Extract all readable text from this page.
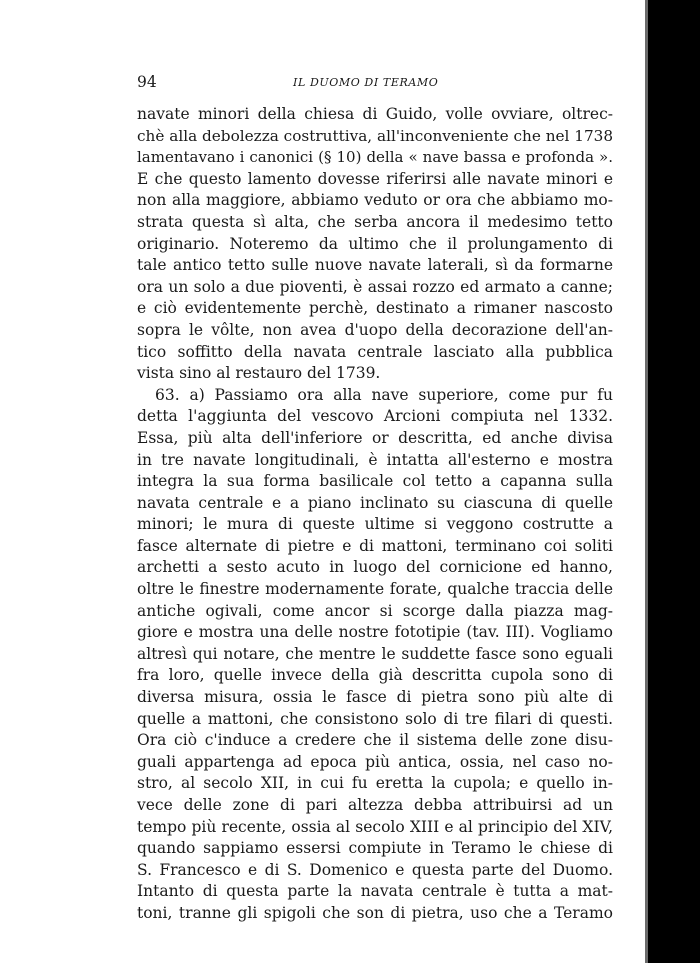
94	IL DUOMO DI TERAMO
navate minori della chiesa di Guido, volle ovviare, oltrec-
chè alla debolezza costruttiva, all'inconveniente che nel 1738
lamentavano i canonici (§ 10) della « nave bassa e profonda ».
E che questo lamento dovesse riferirsi alle navate minori e
non alla maggiore, abbiamo veduto or ora che abbiamo mo-
strata questa sì alta, che serba ancora il medesimo tetto
originario. Noteremo da ultimo che il prolungamento di
tale antico tetto sulle nuove navate laterali, sì da formarne
ora un solo a due pioventi, è assai rozzo ed armato a canne;
e ciò evidentemente perchè, destinato a rimaner nascosto
sopra le vôlte, non avea d'uopo della decorazione dell'an-
tico soffitto della navata centrale lasciato alla pubblica
vista sino al restauro del 1739.
63. a) Passiamo ora alla nave superiore, come pur fu
detta l'aggiunta del vescovo Arcioni compiuta nel 1332.
Essa, più alta dell'inferiore or descritta, ed anche divisa
in tre navate longitudinali, è intatta all'esterno e mostra
integra la sua forma basilicale col tetto a capanna sulla
navata centrale e a piano inclinato su ciascuna di quelle
minori; le mura di queste ultime si veggono costrutte a
fasce alternate di pietre e di mattoni, terminano coi soliti
archetti a sesto acuto in luogo del cornicione ed hanno,
oltre le finestre modernamente forate, qualche traccia delle
antiche ogivali, come ancor si scorge dalla piazza mag-
giore e mostra una delle nostre fototipie (tav. III). Vogliamo
altresì qui notare, che mentre le suddette fasce sono eguali
fra loro, quelle invece della già descritta cupola sono di
diversa misura, ossia le fasce di pietra sono più alte di
quelle a mattoni, che consistono solo di tre filari di questi.
Ora ciò c'induce a credere che il sistema delle zone disu-
guali appartenga ad epoca più antica, ossia, nel caso no-
stro, al secolo XII, in cui fu eretta la cupola; e quello in-
vece delle zone di pari altezza debba attribuirsi ad un
tempo più recente, ossia al secolo XIII e al principio del XIV,
quando sappiamo essersi compiute in Teramo le chiese di
S. Francesco e di S. Domenico e questa parte del Duomo.
Intanto di questa parte la navata centrale è tutta a mat-
toni, tranne gli spigoli che son di pietra, uso che a Teramo
